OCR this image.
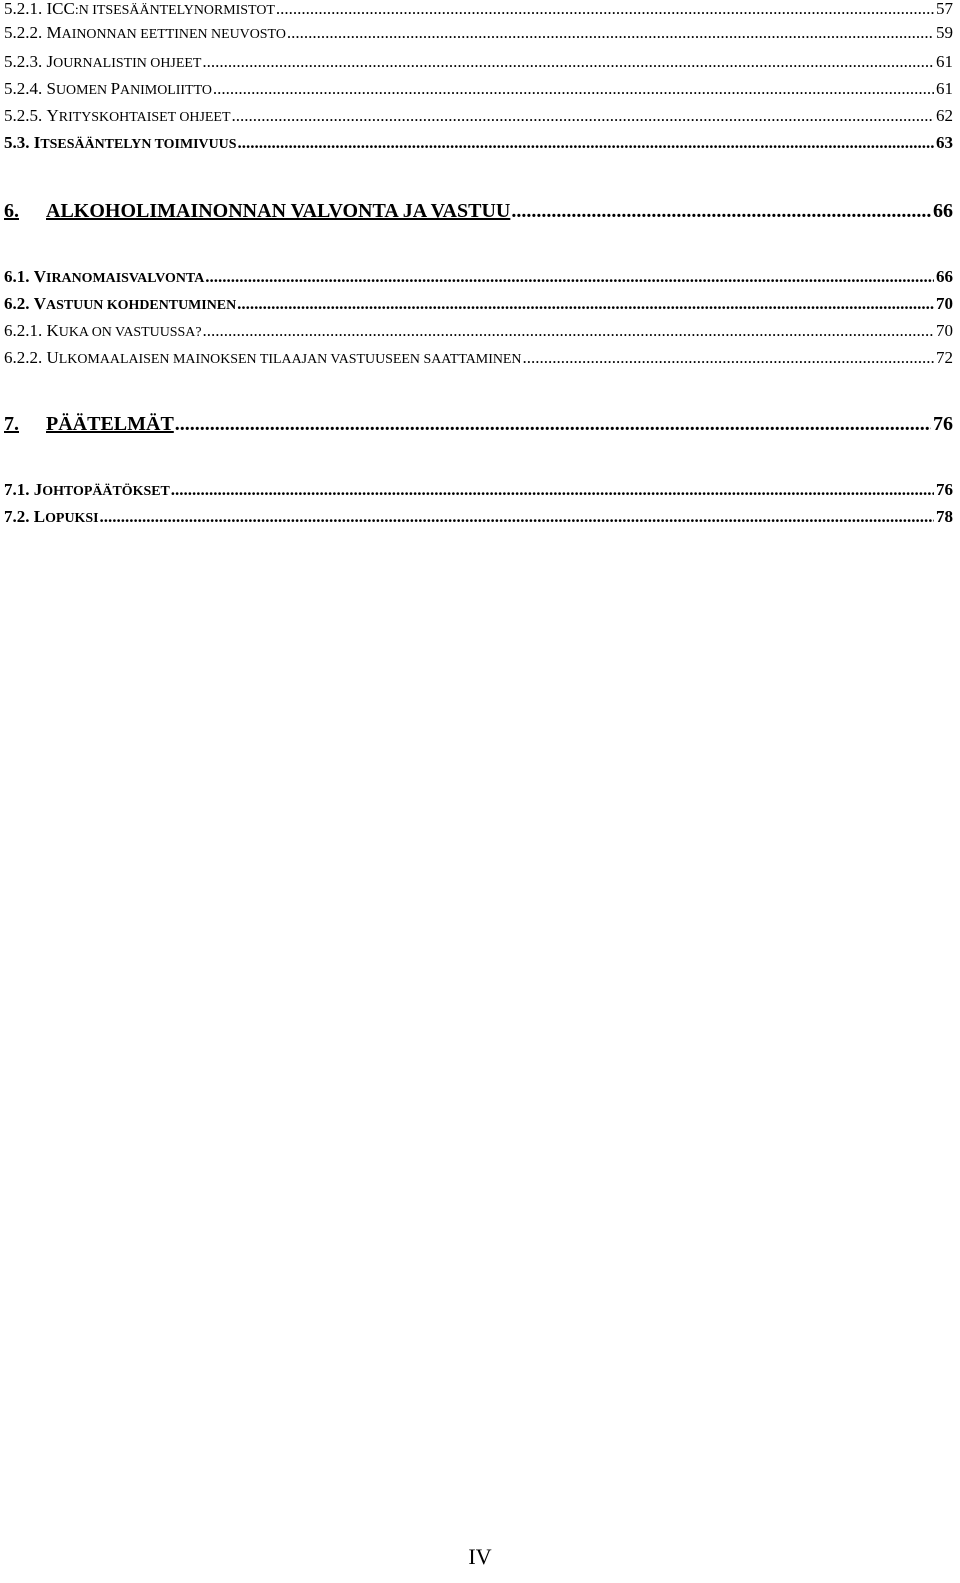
5.2.1. ICC:N ITSESÄÄNTELYNORMISTOT .....	57
5.2.2. MAINONNAN EETTINEN NEUVOSTO .....	59
5.2.3. JOURNALISTIN OHJEET .....	61
5.2.4. SUOMEN PANIMOLIITTO .....	61
5.2.5. YRITYSKOHTAISET OHJEET .....	62
5.3. ITSESÄÄNTELYN TOIMIVUUS .....	63
6.	ALKOHOLIMAINONNAN VALVONTA JA VASTUU .....	66
6.1. VIRANOMAISVALVONTA .....	66
6.2. VASTUUN KOHDENTUMINEN .....	70
6.2.1. KUKA ON VASTUUSSA? .....	70
6.2.2. ULKOMAALAISEN MAINOKSEN TILAAJAN VASTUUSEEN SAATTAMINEN .....	72
7.	PÄÄTELMÄT .....	76
7.1. JOHTOPÄÄTÖKSET .....	76
7.2. LOPUKSI .....	78
IV
